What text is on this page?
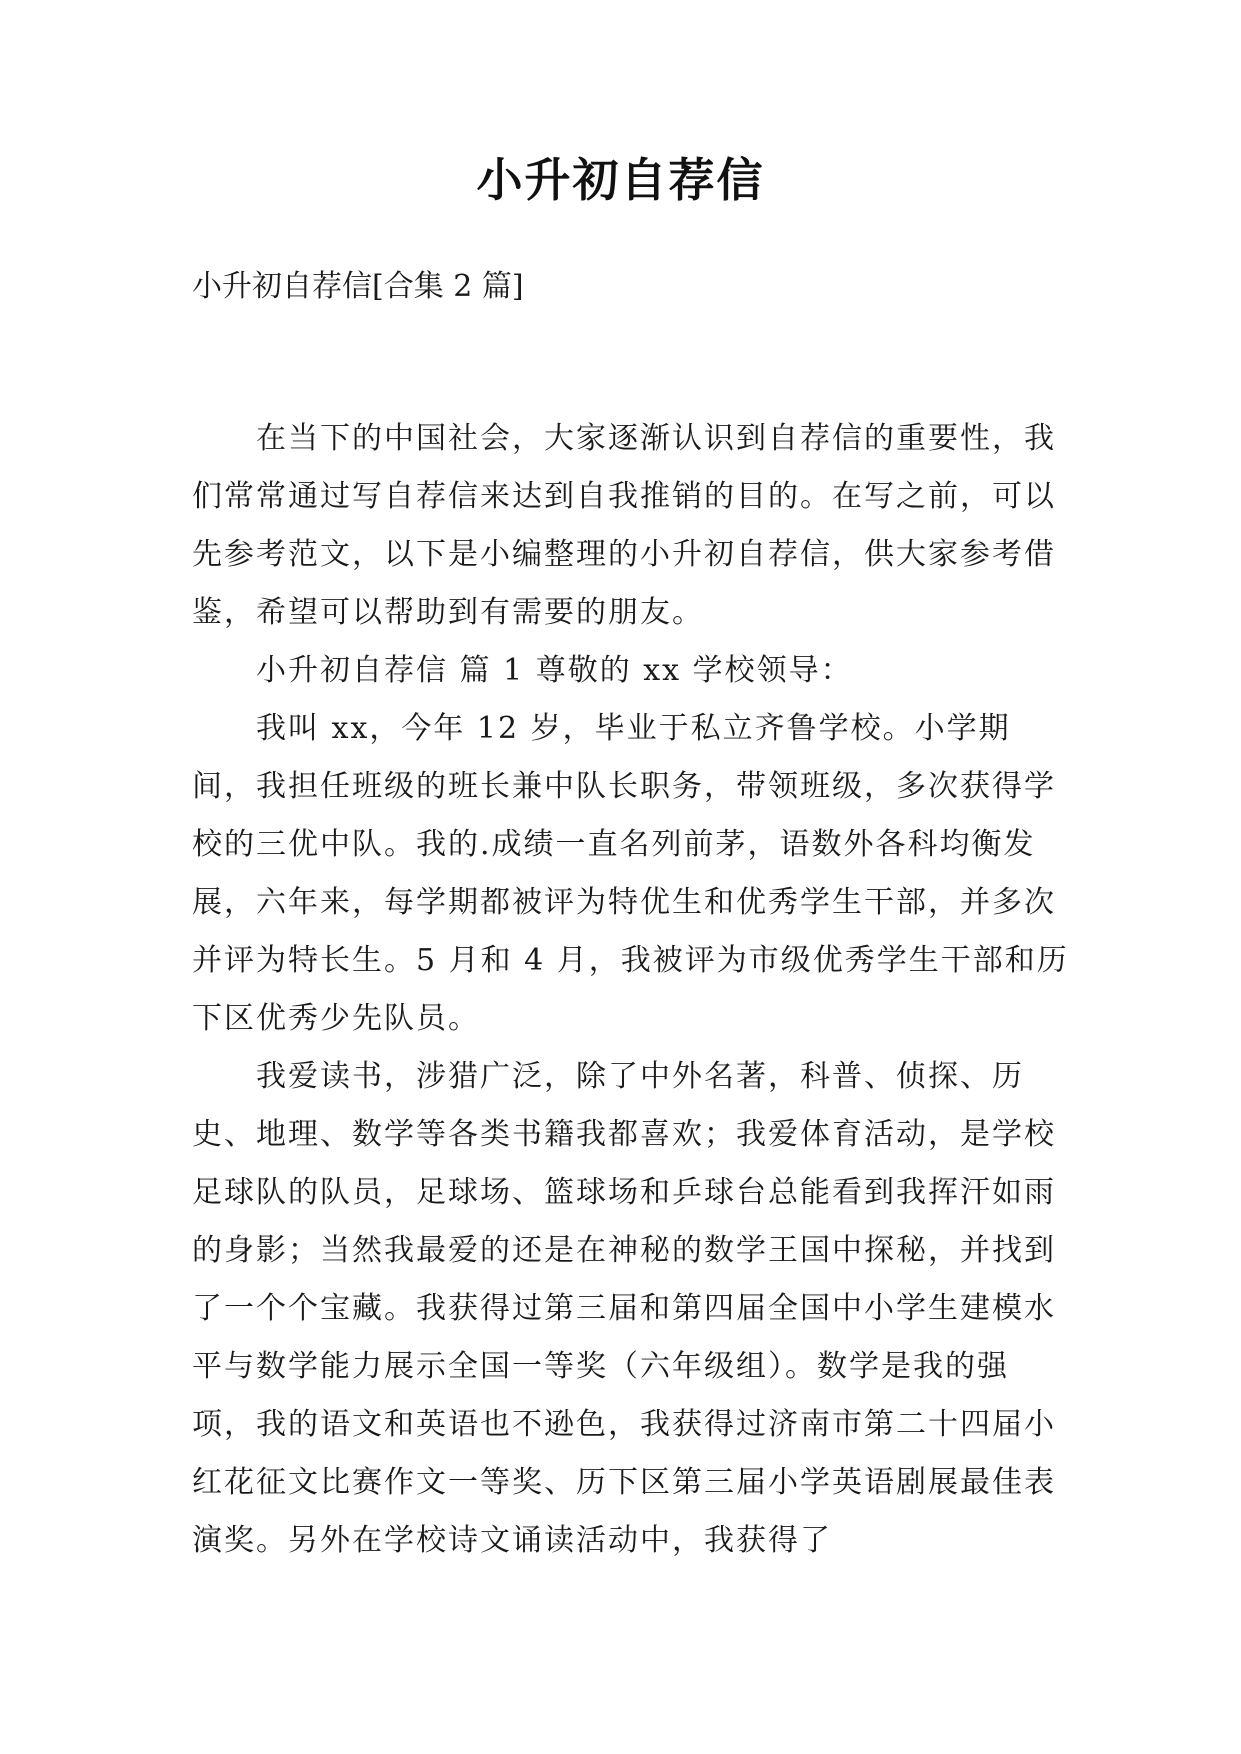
小升初自荐信
小升初自荐信[合集 2 篇]

在当下的中国社会，大家逐渐认识到自荐信的重要性，我们常常通过写自荐信来达到自我推销的目的。在写之前，可以先参考范文，以下是小编整理的小升初自荐信，供大家参考借鉴，希望可以帮助到有需要的朋友。

小升初自荐信 篇 1 尊敬的 xx 学校领导：

我叫 xx，今年 12 岁，毕业于私立齐鲁学校。小学期间，我担任班级的班长兼中队长职务，带领班级，多次获得学校的三优中队。我的.成绩一直名列前茅，语数外各科均衡发展，六年来，每学期都被评为特优生和优秀学生干部，并多次并评为特长生。5 月和 4 月，我被评为市级优秀学生干部和历下区优秀少先队员。

我爱读书，涉猎广泛，除了中外名著，科普、侦探、历史、地理、数学等各类书籍我都喜欢；我爱体育活动，是学校足球队的队员，足球场、篮球场和乒球台总能看到我挥汗如雨的身影；当然我最爱的还是在神秘的数学王国中探秘，并找到了一个个宝藏。我获得过第三届和第四届全国中小学生建模水平与数学能力展示全国一等奖（六年级组）。数学是我的强项，我的语文和英语也不逊色，我获得过济南市第二十四届小红花征文比赛作文一等奖、历下区第三届小学英语剧展最佳表演奖。另外在学校诗文诵读活动中，我获得了
